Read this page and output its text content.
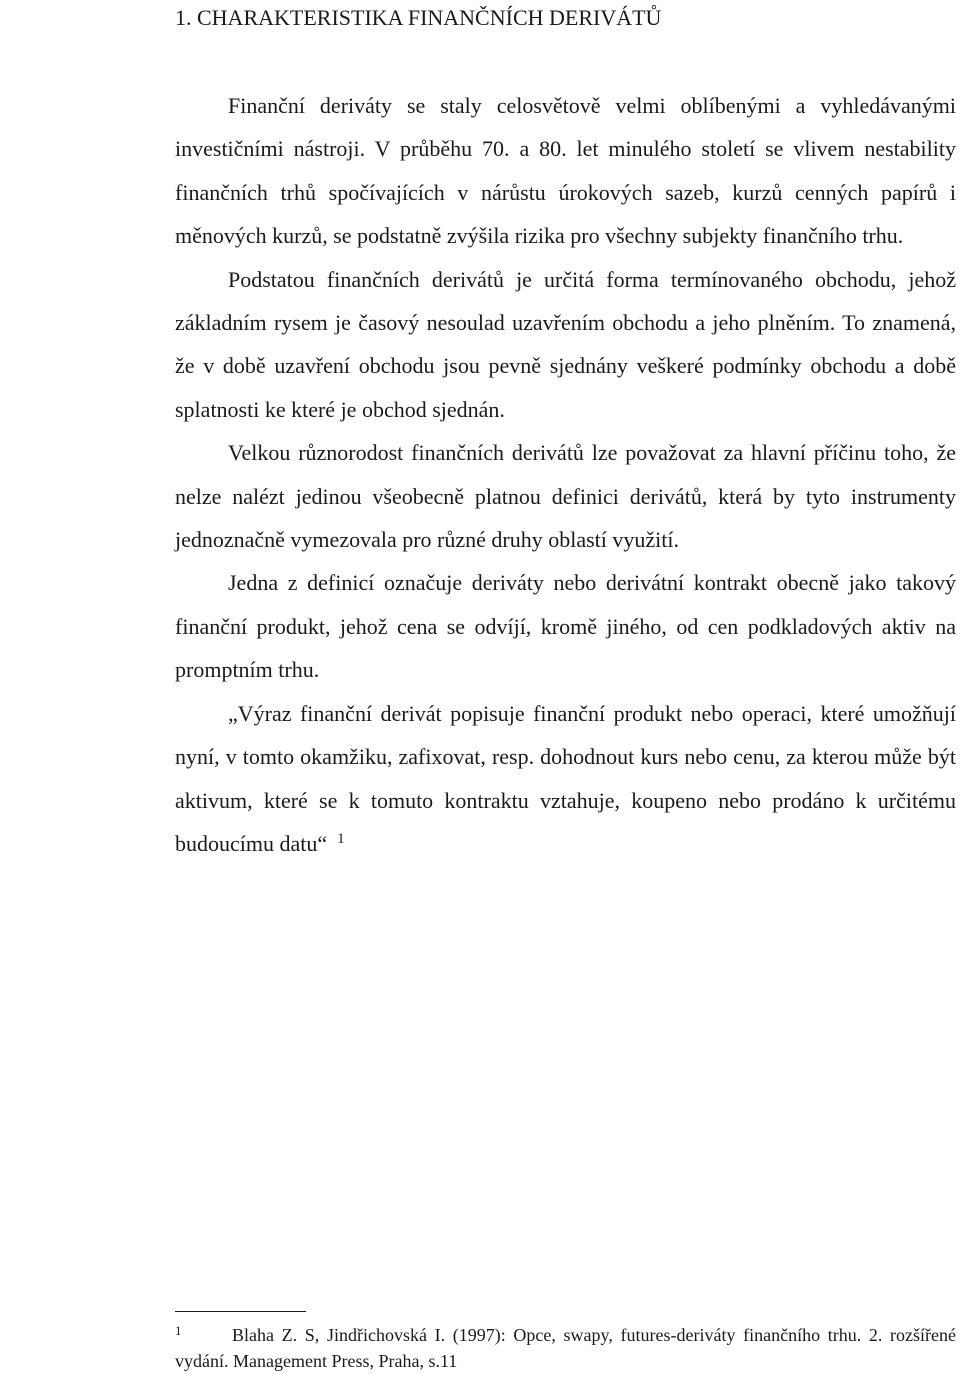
1. CHARAKTERISTIKA FINANČNÍCH DERIVÁTŮ

Finanční deriváty se staly celosvětově velmi oblíbenými a vyhledávanými investičními nástroji. V průběhu 70. a 80. let minulého století se vlivem nestability finančních trhů spočívajících v nárůstu úrokových sazeb, kurzů cenných papírů i měnových kurzů, se podstatně zvýšila rizika pro všechny subjekty finančního trhu.

Podstatou finančních derivátů je určitá forma termínovaného obchodu, jehož základním rysem je časový nesoulad uzavřením obchodu a jeho plněním. To znamená, že v době uzavření obchodu jsou pevně sjednány veškeré podmínky obchodu a době splatnosti ke které je obchod sjednán.

Velkou různorodost finančních derivátů lze považovat za hlavní příčinu toho, že nelze nalézt jedinou všeobecně platnou definici derivátů, která by tyto instrumenty jednoznačně vymezovala pro různé druhy oblastí využití.

Jedna z definicí označuje deriváty nebo derivátní kontrakt obecně jako takový finanční produkt, jehož cena se odvíjí, kromě jiného, od cen podkladových aktiv na promptním trhu.

„Výraz finanční derivát popisuje finanční produkt nebo operaci, které umožňují nyní, v tomto okamžiku, zafixovat, resp. dohodnout kurs nebo cenu, za kterou může být aktivum, které se k tomuto kontraktu vztahuje, koupeno nebo prodáno k určitému budoucímu datu“ $^1$

1	Blaha Z. S, Jindřichovská I. (1997): Opce, swapy, futures-deriváty finančního trhu. 2. rozšířené vydání. Management Press, Praha, s.11
